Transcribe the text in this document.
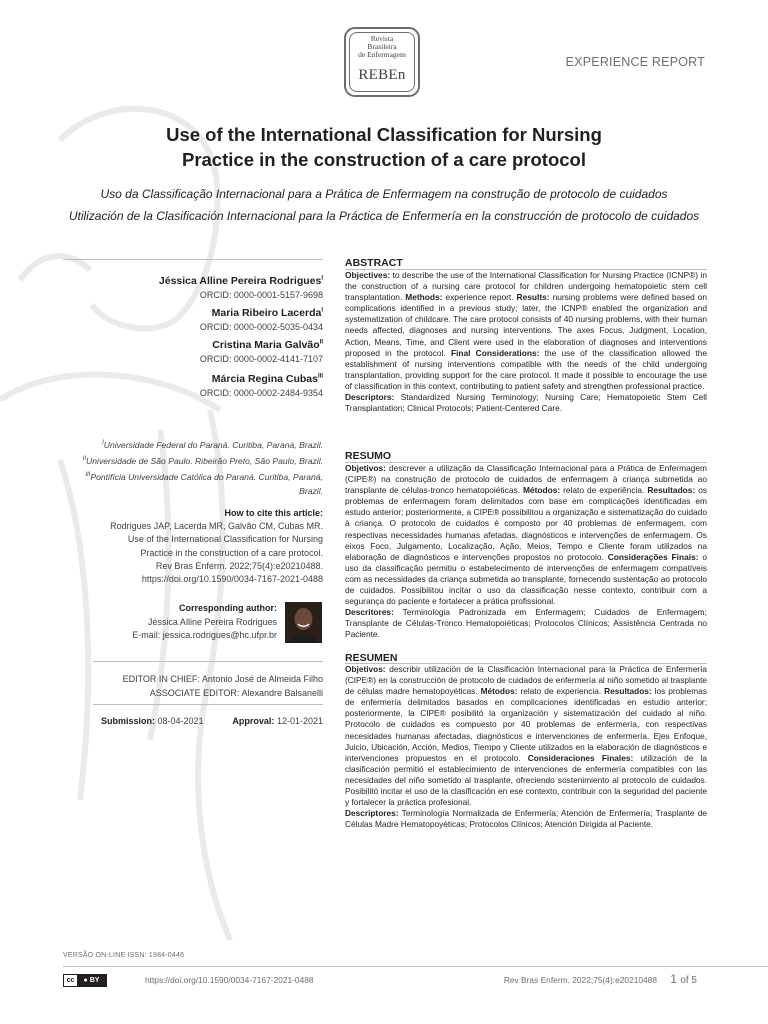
Revista
Brasileira
de Enfermagem
REBEn
EXPERIENCE REPORT
Use of the International Classification for Nursing
Practice in the construction of a care protocol
Uso da Classificação Internacional para a Prática de Enfermagem na construção de protocolo de cuidados
Utilización de la Clasificación Internacional para la Práctica de Enfermería en la construcción de protocolo de cuidados
Jéssica Alline Pereira Rodrigues$^I$
ORCID: 0000-0001-5157-9698
Maria Ribeiro Lacerda$^I$
ORCID: 0000-0002-5035-0434
Cristina Maria Galvão$^{II}$
ORCID: 0000-0002-4141-7107
Márcia Regina Cubas$^{III}$
ORCID: 0000-0002-2484-9354
$^I$Universidade Federal do Paraná. Curitiba, Paraná, Brazil.
$^{II}$Universidade de São Paulo. Ribeirão Preto, São Paulo, Brazil.
$^{III}$Pontifícia Universidade Católica do Paraná. Curitiba, Paraná, Brazil.
How to cite this article:
Rodrigues JAP, Lacerda MR, Galvão CM, Cubas MR.
Use of the International Classification for Nursing
Practice in the construction of a care protocol.
Rev Bras Enferm. 2022;75(4):e20210488.
https://doi.org/10.1590/0034-7167-2021-0488
Corresponding author:
Jéssica Alline Pereira Rodrigues
E-mail: jessica.rodrigues@hc.ufpr.br
EDITOR IN CHIEF: Antonio José de Almeida Filho
ASSOCIATE EDITOR: Alexandre Balsanelli
Submission: 08-04-2021	Approval: 12-01-2021
ABSTRACT

Objectives: to describe the use of the International Classification for Nursing Practice (ICNP®) in the construction of a nursing care protocol for children undergoing hematopoietic stem cell transplantation. Methods: experience report. Results: nursing problems were defined based on complications identified in a previous study; later, the ICNP® enabled the organization and systematization of childcare. The care protocol consists of 40 nursing problems, with their human needs affected, diagnoses and nursing interventions. The axes Focus, Judgment, Location, Action, Means, Time, and Client were used in the elaboration of diagnoses and interventions proposed in the protocol. Final Considerations: the use of the classification allowed the establishment of nursing interventions compatible with the needs of the child undergoing transplantation, providing support for the care protocol. It made it possible to encourage the use of classification in this context, contributing to patient safety and strengthen professional practice.

Descriptors: Standardized Nursing Terminology; Nursing Care; Hematopoietic Stem Cell Transplantation; Clinical Protocols; Patient-Centered Care.

RESUMO

Objetivos: descrever a utilização da Classificação Internacional para a Prática de Enfermagem (CIPE®) na construção de protocolo de cuidados de enfermagem à criança submetida ao transplante de células-tronco hematopoiéticas. Métodos: relato de experiência. Resultados: os problemas de enfermagem foram delimitados com base em complicações identificadas em estudo anterior; posteriormente, a CIPE® possibilitou a organização e sistematização do cuidado à criança. O protocolo de cuidados é composto por 40 problemas de enfermagem, com respectivas necessidades humanas afetadas, diagnósticos e intervenções de enfermagem. Os eixos Foco, Julgamento, Localização, Ação, Meios, Tempo e Cliente foram utilizados na elaboração de diagnósticos e intervenções propostos no protocolo. Considerações Finais: o uso da classificação permitiu o estabelecimento de intervenções de enfermagem compatíveis com as necessidades da criança submetida ao transplante, fornecendo sustentação ao protocolo de cuidados. Possibilitou incitar o uso da classificação nesse contexto, contribuir com a segurança do paciente e fortalecer a prática profissional.

Descritores: Terminologia Padronizada em Enfermagem; Cuidados de Enfermagem; Transplante de Células-Tronco Hematopoiéticas; Protocolos Clínicos; Assistência Centrada no Paciente.

RESUMEN

Objetivos: describir utilización de la Clasificación Internacional para la Práctica de Enfermería (CIPE®) en la construcción de protocolo de cuidados de enfermería al niño sometido al trasplante de células madre hematopoyéticas. Métodos: relato de experiencia. Resultados: los problemas de enfermería delimitados basados en complicaciones identificadas en estudio anterior; posteriormente, la CIPE® posibilitó la organización y sistematización del cuidado al niño. Protocolo de cuidados es compuesto por 40 problemas de enfermería, con respectivas necesidades humanas afectadas, diagnósticos e intervenciones de enfermería. Ejes Enfoque, Juicio, Ubicación, Acción, Medios, Tiempo y Cliente utilizados en la elaboración de diagnósticos e intervenciones propuestos en el protocolo. Consideraciones Finales: utilización de la clasificación permitió el establecimiento de intervenciones de enfermería compatibles con las necesidades del niño sometido al trasplante, ofreciendo sostenimiento al protocolo de cuidados. Posibilitó incitar el uso de la clasificación en ese contexto, contribuir con la seguridad del paciente y fortalecer la práctica profesional.

Descriptores: Terminología Normalizada de Enfermería; Atención de Enfermería; Trasplante de Células Madre Hematopoyéticas; Protocolos Clínicos; Atención Dirigida al Paciente.

VERSÃO ON-LINE ISSN: 1984-0446
cc	● BY	https://doi.org/10.1590/0034-7167-2021-0488	Rev Bras Enferm. 2022;75(4):e20210488 1 of 5
